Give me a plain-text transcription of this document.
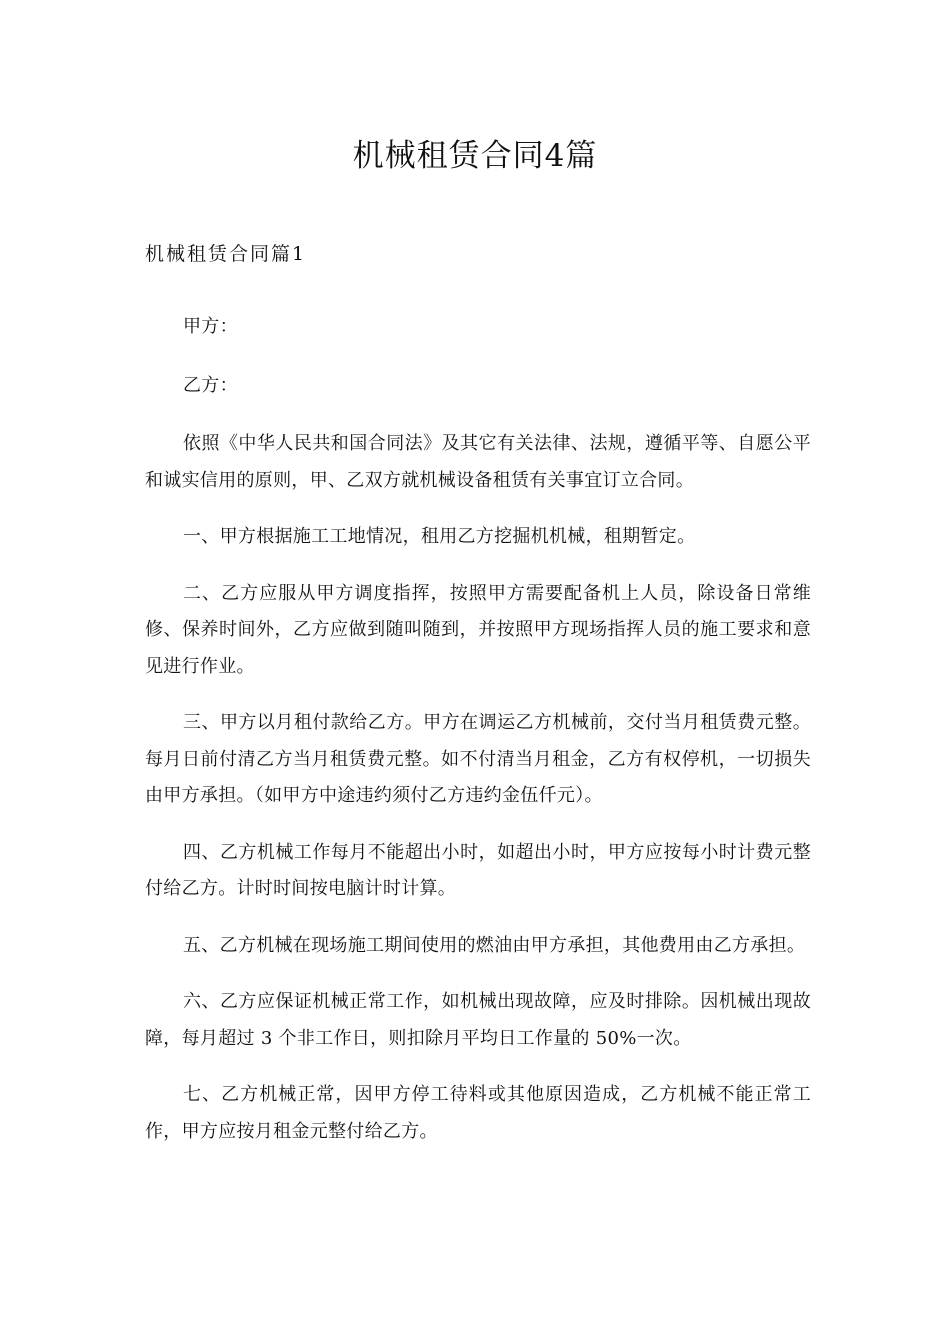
机械租赁合同4篇
机械租赁合同篇1

甲方：

乙方：

依照《中华人民共和国合同法》及其它有关法律、法规，遵循平等、自愿公平和诚实信用的原则，甲、乙双方就机械设备租赁有关事宜订立合同。

一、甲方根据施工工地情况，租用乙方挖掘机机械，租期暂定。

二、乙方应服从甲方调度指挥，按照甲方需要配备机上人员，除设备日常维修、保养时间外，乙方应做到随叫随到，并按照甲方现场指挥人员的施工要求和意见进行作业。

三、甲方以月租付款给乙方。甲方在调运乙方机械前，交付当月租赁费元整。每月日前付清乙方当月租赁费元整。如不付清当月租金，乙方有权停机，一切损失由甲方承担。（如甲方中途违约须付乙方违约金伍仟元）。

四、乙方机械工作每月不能超出小时，如超出小时，甲方应按每小时计费元整付给乙方。计时时间按电脑计时计算。

五、乙方机械在现场施工期间使用的燃油由甲方承担，其他费用由乙方承担。

六、乙方应保证机械正常工作，如机械出现故障，应及时排除。因机械出现故障，每月超过 3 个非工作日，则扣除月平均日工作量的 50%一次。

七、乙方机械正常，因甲方停工待料或其他原因造成，乙方机械不能正常工作，甲方应按月租金元整付给乙方。
